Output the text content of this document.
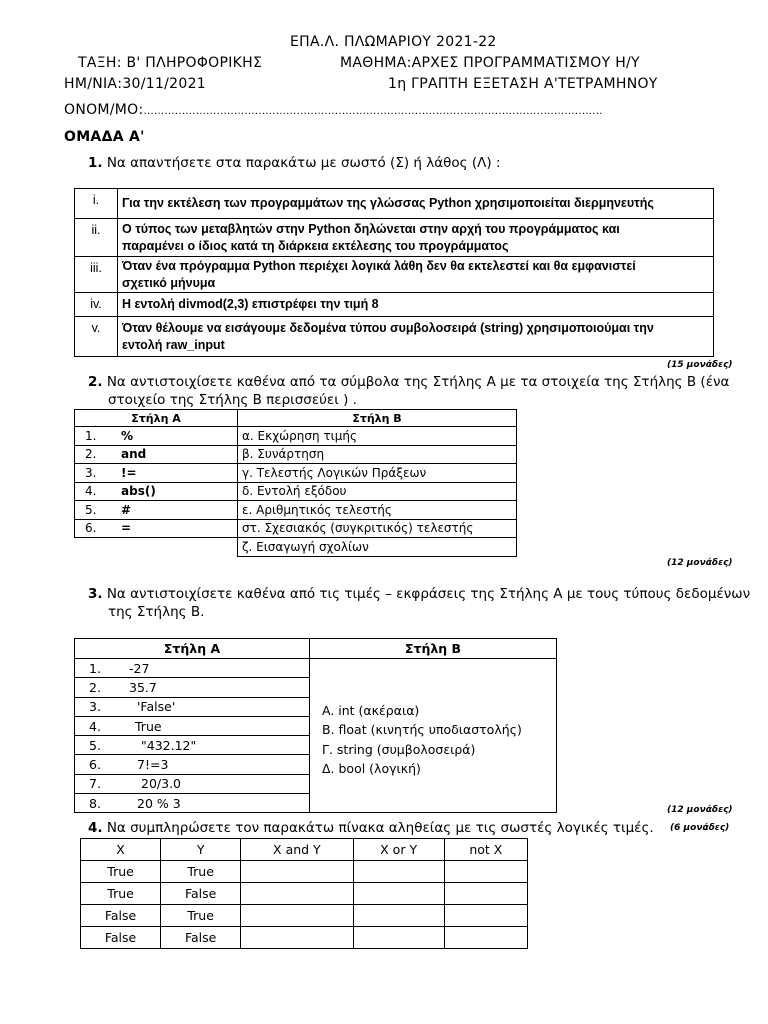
ΕΠΑ.Λ. ΠΛΩΜΑΡΙΟΥ 2021-22
ΤΑΞΗ: Β' ΠΛΗΡΟΦΟΡΙΚΗΣ	ΜΑΘΗΜΑ:ΑΡΧΕΣ ΠΡΟΓΡΑΜΜΑΤΙΣΜΟΥ Η/Υ
ΗΜ/ΝΙΑ:30/11/2021	1η ΓΡΑΠΤΗ ΕΞΕΤΑΣΗ Α'ΤΕΤΡΑΜΗΝΟΥ
ΟΝΟΜ/ΜΟ:....................................................................................................................................
ΟΜΑΔΑ Α'
1. Να απαντήσετε στα παρακάτω με σωστό (Σ) ή λάθος (Λ) :
i.	Για την εκτέλεση των προγραμμάτων της γλώσσας Python χρησιμοποιείται διερμηνευτής

ii.	Ο τύπος των μεταβλητών στην Python δηλώνεται στην αρχή του προγράμματος και
παραμένει ο ίδιος κατά τη διάρκεια εκτέλεσης του προγράμματος

iii.	Όταν ένα πρόγραμμα Python περιέχει λογικά λάθη δεν θα εκτελεστεί και θα εμφανιστεί
σχετικό μήνυμα

iv.	Η εντολή divmod(2,3) επιστρέφει την τιμή 8

v.	Όταν θέλουμε να εισάγουμε δεδομένα τύπου συμβολοσειρά (string) χρησιμοποιούμαι την
εντολή raw_input
(15 μονάδες)
2. Να αντιστοιχίσετε καθένα από τα σύμβολα της Στήλης Α με τα στοιχεία της Στήλης Β (ένα
στοιχείο της Στήλης Β περισσεύει ) .
Στήλη Α	Στήλη Β
1. %	α. Εκχώρηση τιμής
2. and	β. Συνάρτηση
3. !=	γ. Τελεστής Λογικών Πράξεων
4. abs()	δ. Εντολή εξόδου
5. #	ε. Αριθμητικός τελεστής
6. =	στ. Σχεσιακός (συγκριτικός) τελεστής
	ζ. Εισαγωγή σχολίων
(12 μονάδες)
3. Να αντιστοιχίσετε καθένα από τις τιμές – εκφράσεις της Στήλης Α με τους τύπους δεδομένων
της Στήλης Β.
Στήλη Α	Στήλη Β
1. -27	A. int (ακέραια)
B. float (κινητής υποδιαστολής)
Γ. string (συμβολοσειρά)
Δ. bool (λογική)

2. 35.7	
3. 'False'	
4. True	
5. "432.12"	
6. 7!=3	
7. 20/3.0	
8. 20 % 3		(12 μονάδες)
4. Να συμπληρώσετε τον παρακάτω πίνακα αληθείας με τις σωστές λογικές τιμές. (6 μονάδες)
X	Y	X and Y	X or Y	not X
True	True			
True	False			
False	True			
False	False			
